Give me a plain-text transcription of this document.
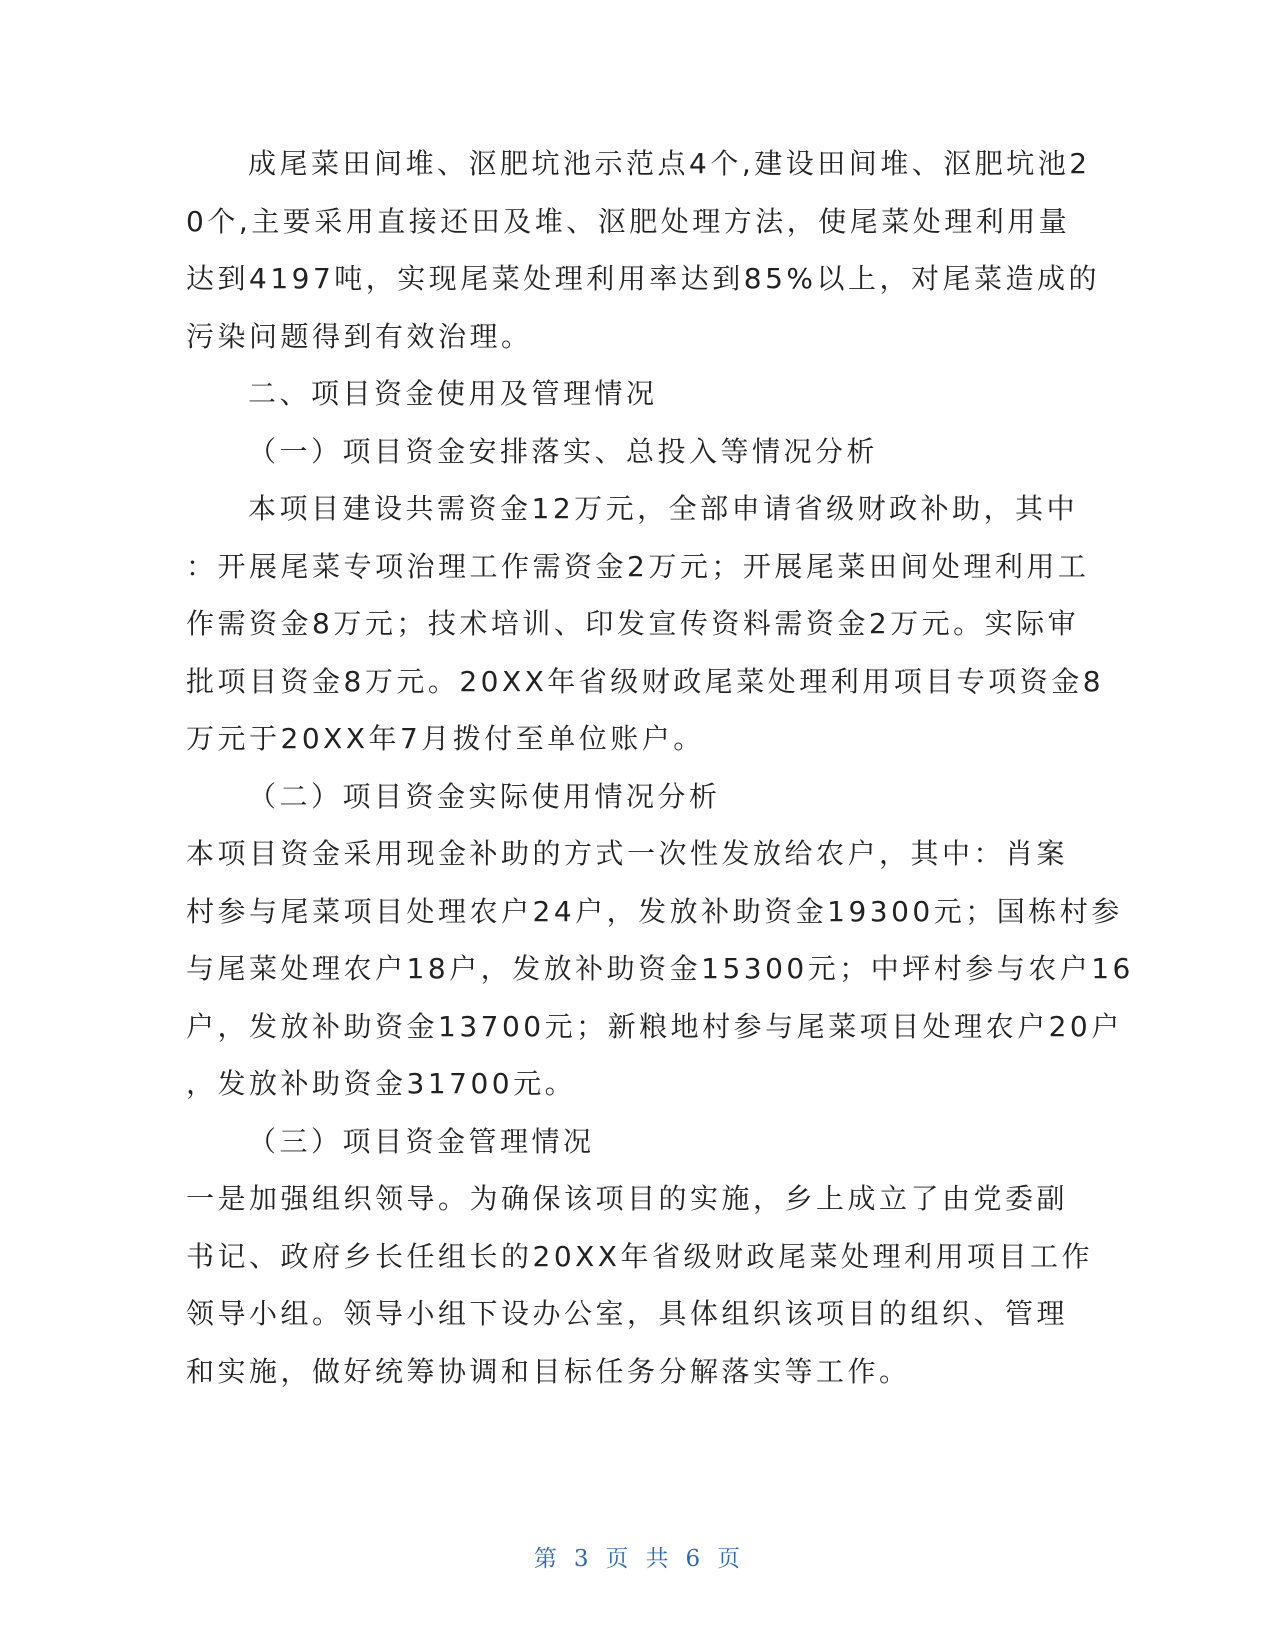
成尾菜田间堆、沤肥坑池示范点4个,建设田间堆、沤肥坑池2
0个,主要采用直接还田及堆、沤肥处理方法，使尾菜处理利用量
达到4197吨，实现尾菜处理利用率达到85%以上，对尾菜造成的
污染问题得到有效治理。
二、项目资金使用及管理情况
（一）项目资金安排落实、总投入等情况分析
本项目建设共需资金12万元，全部申请省级财政补助，其中
：开展尾菜专项治理工作需资金2万元；开展尾菜田间处理利用工
作需资金8万元；技术培训、印发宣传资料需资金2万元。实际审
批项目资金8万元。20XX年省级财政尾菜处理利用项目专项资金8
万元于20XX年7月拨付至单位账户。
（二）项目资金实际使用情况分析
本项目资金采用现金补助的方式一次性发放给农户，其中：肖案
村参与尾菜项目处理农户24户，发放补助资金19300元；国栋村参
与尾菜处理农户18户，发放补助资金15300元；中坪村参与农户16
户，发放补助资金13700元；新粮地村参与尾菜项目处理农户20户
，发放补助资金31700元。
（三）项目资金管理情况
一是加强组织领导。为确保该项目的实施，乡上成立了由党委副
书记、政府乡长任组长的20XX年省级财政尾菜处理利用项目工作
领导小组。领导小组下设办公室，具体组织该项目的组织、管理
和实施，做好统筹协调和目标任务分解落实等工作。
第 3 页 共 6 页
